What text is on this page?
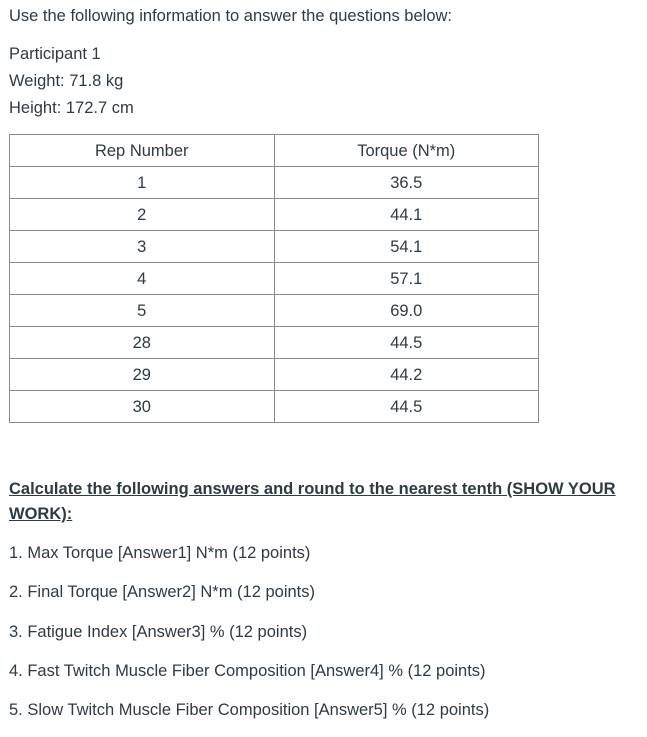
Use the following information to answer the questions below:

Participant 1
Weight: 71.8 kg
Height: 172.7 cm
Rep Number	Torque (N*m)
1	36.5
2	44.1
3	54.1
4	57.1
5	69.0
28	44.5
29	44.2
30	44.5

Calculate the following answers and round to the nearest tenth (SHOW YOUR WORK):

1. Max Torque [Answer1] N*m (12 points)
2. Final Torque [Answer2] N*m (12 points)
3. Fatigue Index [Answer3] % (12 points)
4. Fast Twitch Muscle Fiber Composition [Answer4] % (12 points)
5. Slow Twitch Muscle Fiber Composition [Answer5] % (12 points)
